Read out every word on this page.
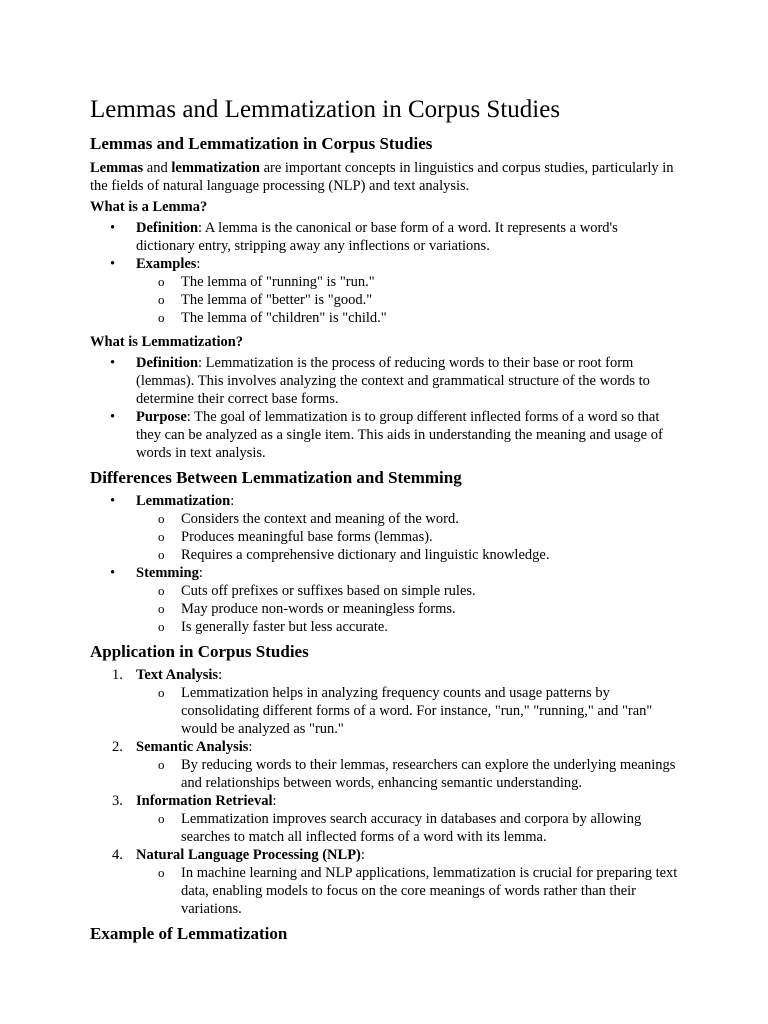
Lemmas and Lemmatization in Corpus Studies
Lemmas and Lemmatization in Corpus Studies

Lemmas and lemmatization are important concepts in linguistics and corpus studies, particularly in the fields of natural language processing (NLP) and text analysis.

What is a Lemma?
• Definition: A lemma is the canonical or base form of a word. It represents a word's dictionary entry, stripping away any inflections or variations.
• Examples:
o The lemma of "running" is "run."
o The lemma of "better" is "good."
o The lemma of "children" is "child."
What is Lemmatization?
• Definition: Lemmatization is the process of reducing words to their base or root form (lemmas). This involves analyzing the context and grammatical structure of the words to determine their correct base forms.
• Purpose: The goal of lemmatization is to group different inflected forms of a word so that they can be analyzed as a single item. This aids in understanding the meaning and usage of words in text analysis.
Differences Between Lemmatization and Stemming
• Lemmatization:
o Considers the context and meaning of the word.
o Produces meaningful base forms (lemmas).
o Requires a comprehensive dictionary and linguistic knowledge.
• Stemming:
o Cuts off prefixes or suffixes based on simple rules.
o May produce non-words or meaningless forms.
o Is generally faster but less accurate.
Application in Corpus Studies
1. Text Analysis:
o Lemmatization helps in analyzing frequency counts and usage patterns by consolidating different forms of a word. For instance, "run," "running," and "ran" would be analyzed as "run."
2. Semantic Analysis:
o By reducing words to their lemmas, researchers can explore the underlying meanings and relationships between words, enhancing semantic understanding.
3. Information Retrieval:
o Lemmatization improves search accuracy in databases and corpora by allowing searches to match all inflected forms of a word with its lemma.
4. Natural Language Processing (NLP):
o In machine learning and NLP applications, lemmatization is crucial for preparing text data, enabling models to focus on the core meanings of words rather than their variations.
Example of Lemmatization
